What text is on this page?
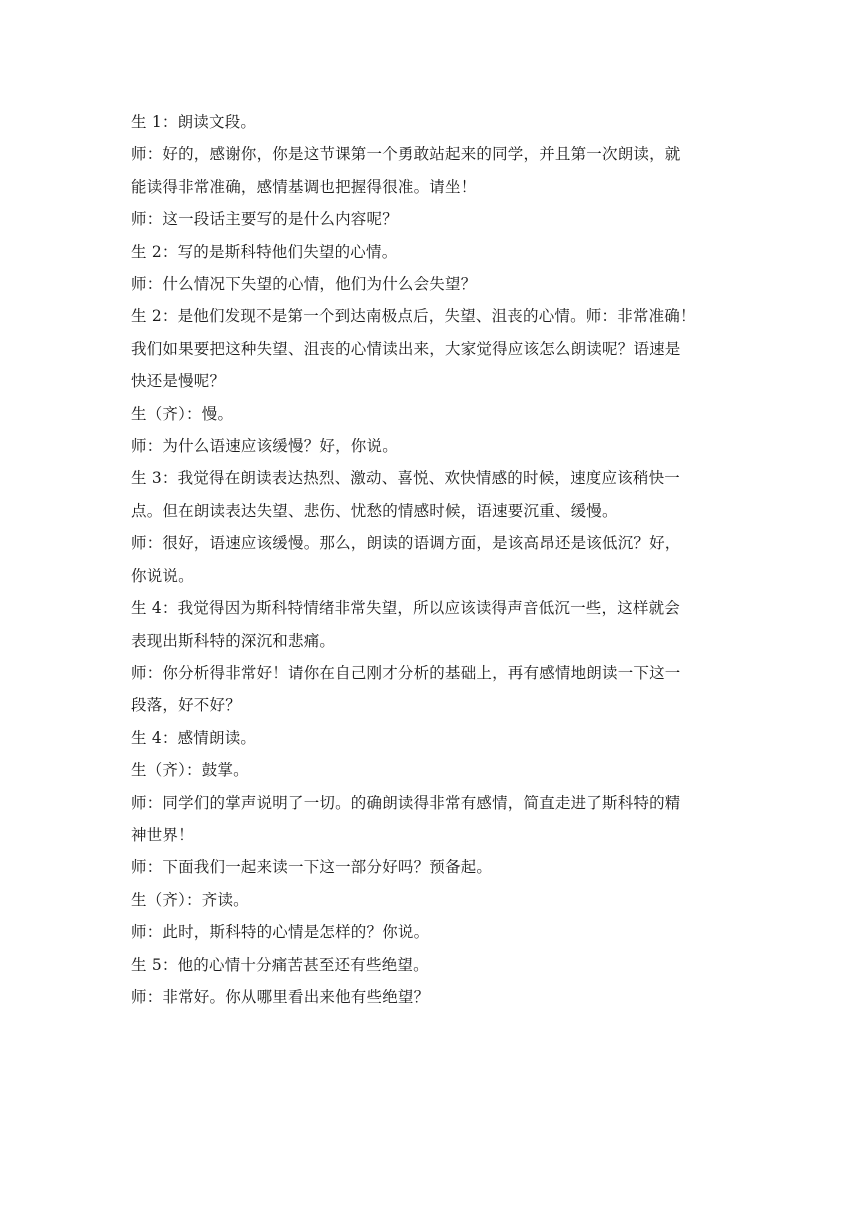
生 1：朗读文段。
师：好的，感谢你，你是这节课第一个勇敢站起来的同学，并且第一次朗读，就
能读得非常准确，感情基调也把握得很准。请坐！
师：这一段话主要写的是什么内容呢？
生 2：写的是斯科特他们失望的心情。
师：什么情况下失望的心情，他们为什么会失望？
生 2：是他们发现不是第一个到达南极点后，失望、沮丧的心情。师：非常准确！
我们如果要把这种失望、沮丧的心情读出来，大家觉得应该怎么朗读呢？语速是
快还是慢呢？
生（齐）：慢。
师：为什么语速应该缓慢？好，你说。
生 3：我觉得在朗读表达热烈、激动、喜悦、欢快情感的时候，速度应该稍快一
点。但在朗读表达失望、悲伤、忧愁的情感时候，语速要沉重、缓慢。
师：很好，语速应该缓慢。那么，朗读的语调方面，是该高昂还是该低沉？好，
你说说。
生 4：我觉得因为斯科特情绪非常失望，所以应该读得声音低沉一些，这样就会
表现出斯科特的深沉和悲痛。
师：你分析得非常好！请你在自己刚才分析的基础上，再有感情地朗读一下这一
段落，好不好？
生 4：感情朗读。
生（齐）：鼓掌。
师：同学们的掌声说明了一切。的确朗读得非常有感情，简直走进了斯科特的精
神世界！
师：下面我们一起来读一下这一部分好吗？预备起。
生（齐）：齐读。
师：此时，斯科特的心情是怎样的？你说。
生 5：他的心情十分痛苦甚至还有些绝望。
师：非常好。你从哪里看出来他有些绝望？
